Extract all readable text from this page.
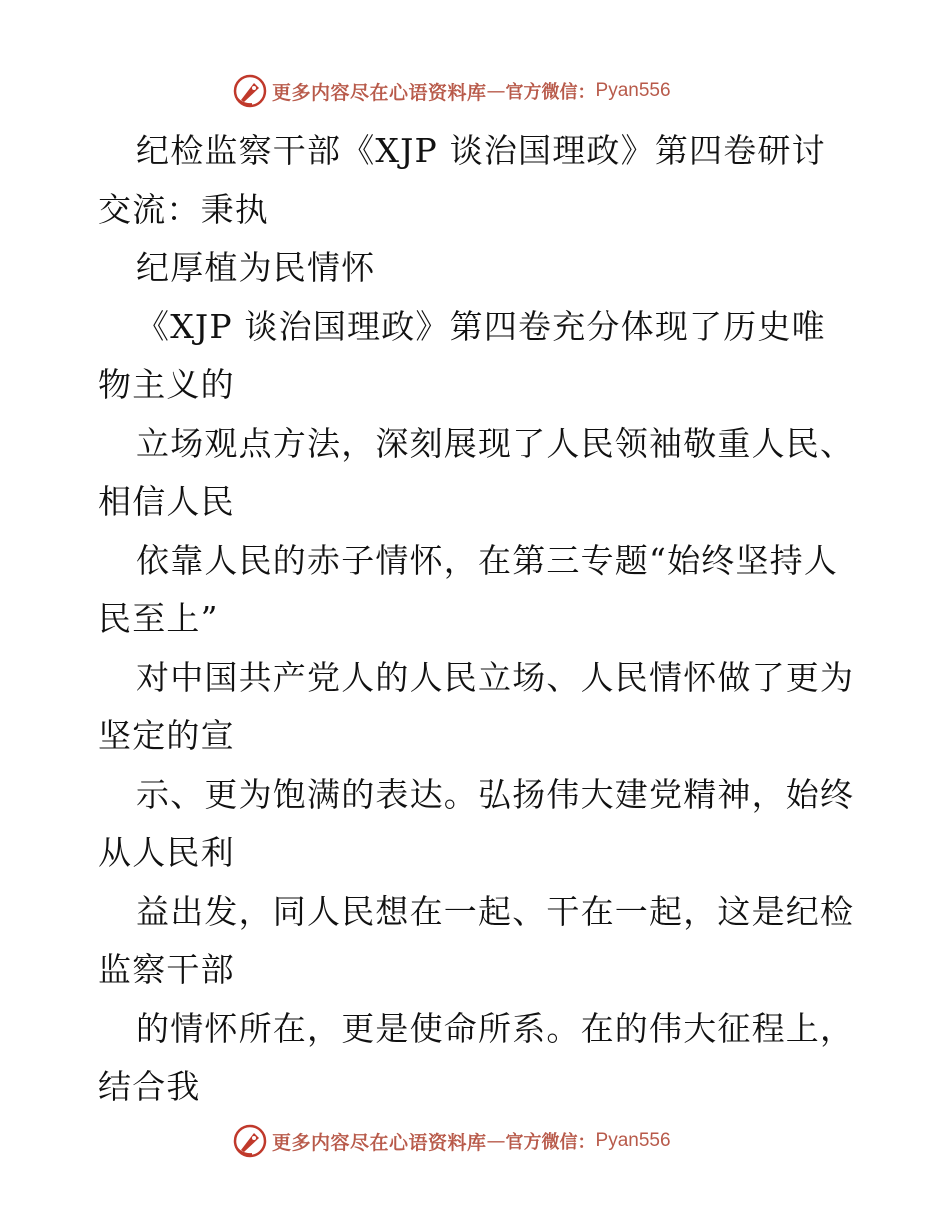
更多内容尽在心语资料库 — 官方微信： Pyan556

纪检监察干部《XJP 谈治国理政》第四卷研讨交流：秉执

纪厚植为民情怀

《XJP 谈治国理政》第四卷充分体现了历史唯物主义的

立场观点方法，深刻展现了人民领袖敬重人民、相信人民

依靠人民的赤子情怀，在第三专题“始终坚持人民至上”

对中国共产党人的人民立场、人民情怀做了更为坚定的宣

示、更为饱满的表达。弘扬伟大建党精神，始终从人民利

益出发，同人民想在一起、干在一起，这是纪检监察干部

的情怀所在，更是使命所系。在的伟大征程上，结合我

更多内容尽在心语资料库 — 官方微信： Pyan556
